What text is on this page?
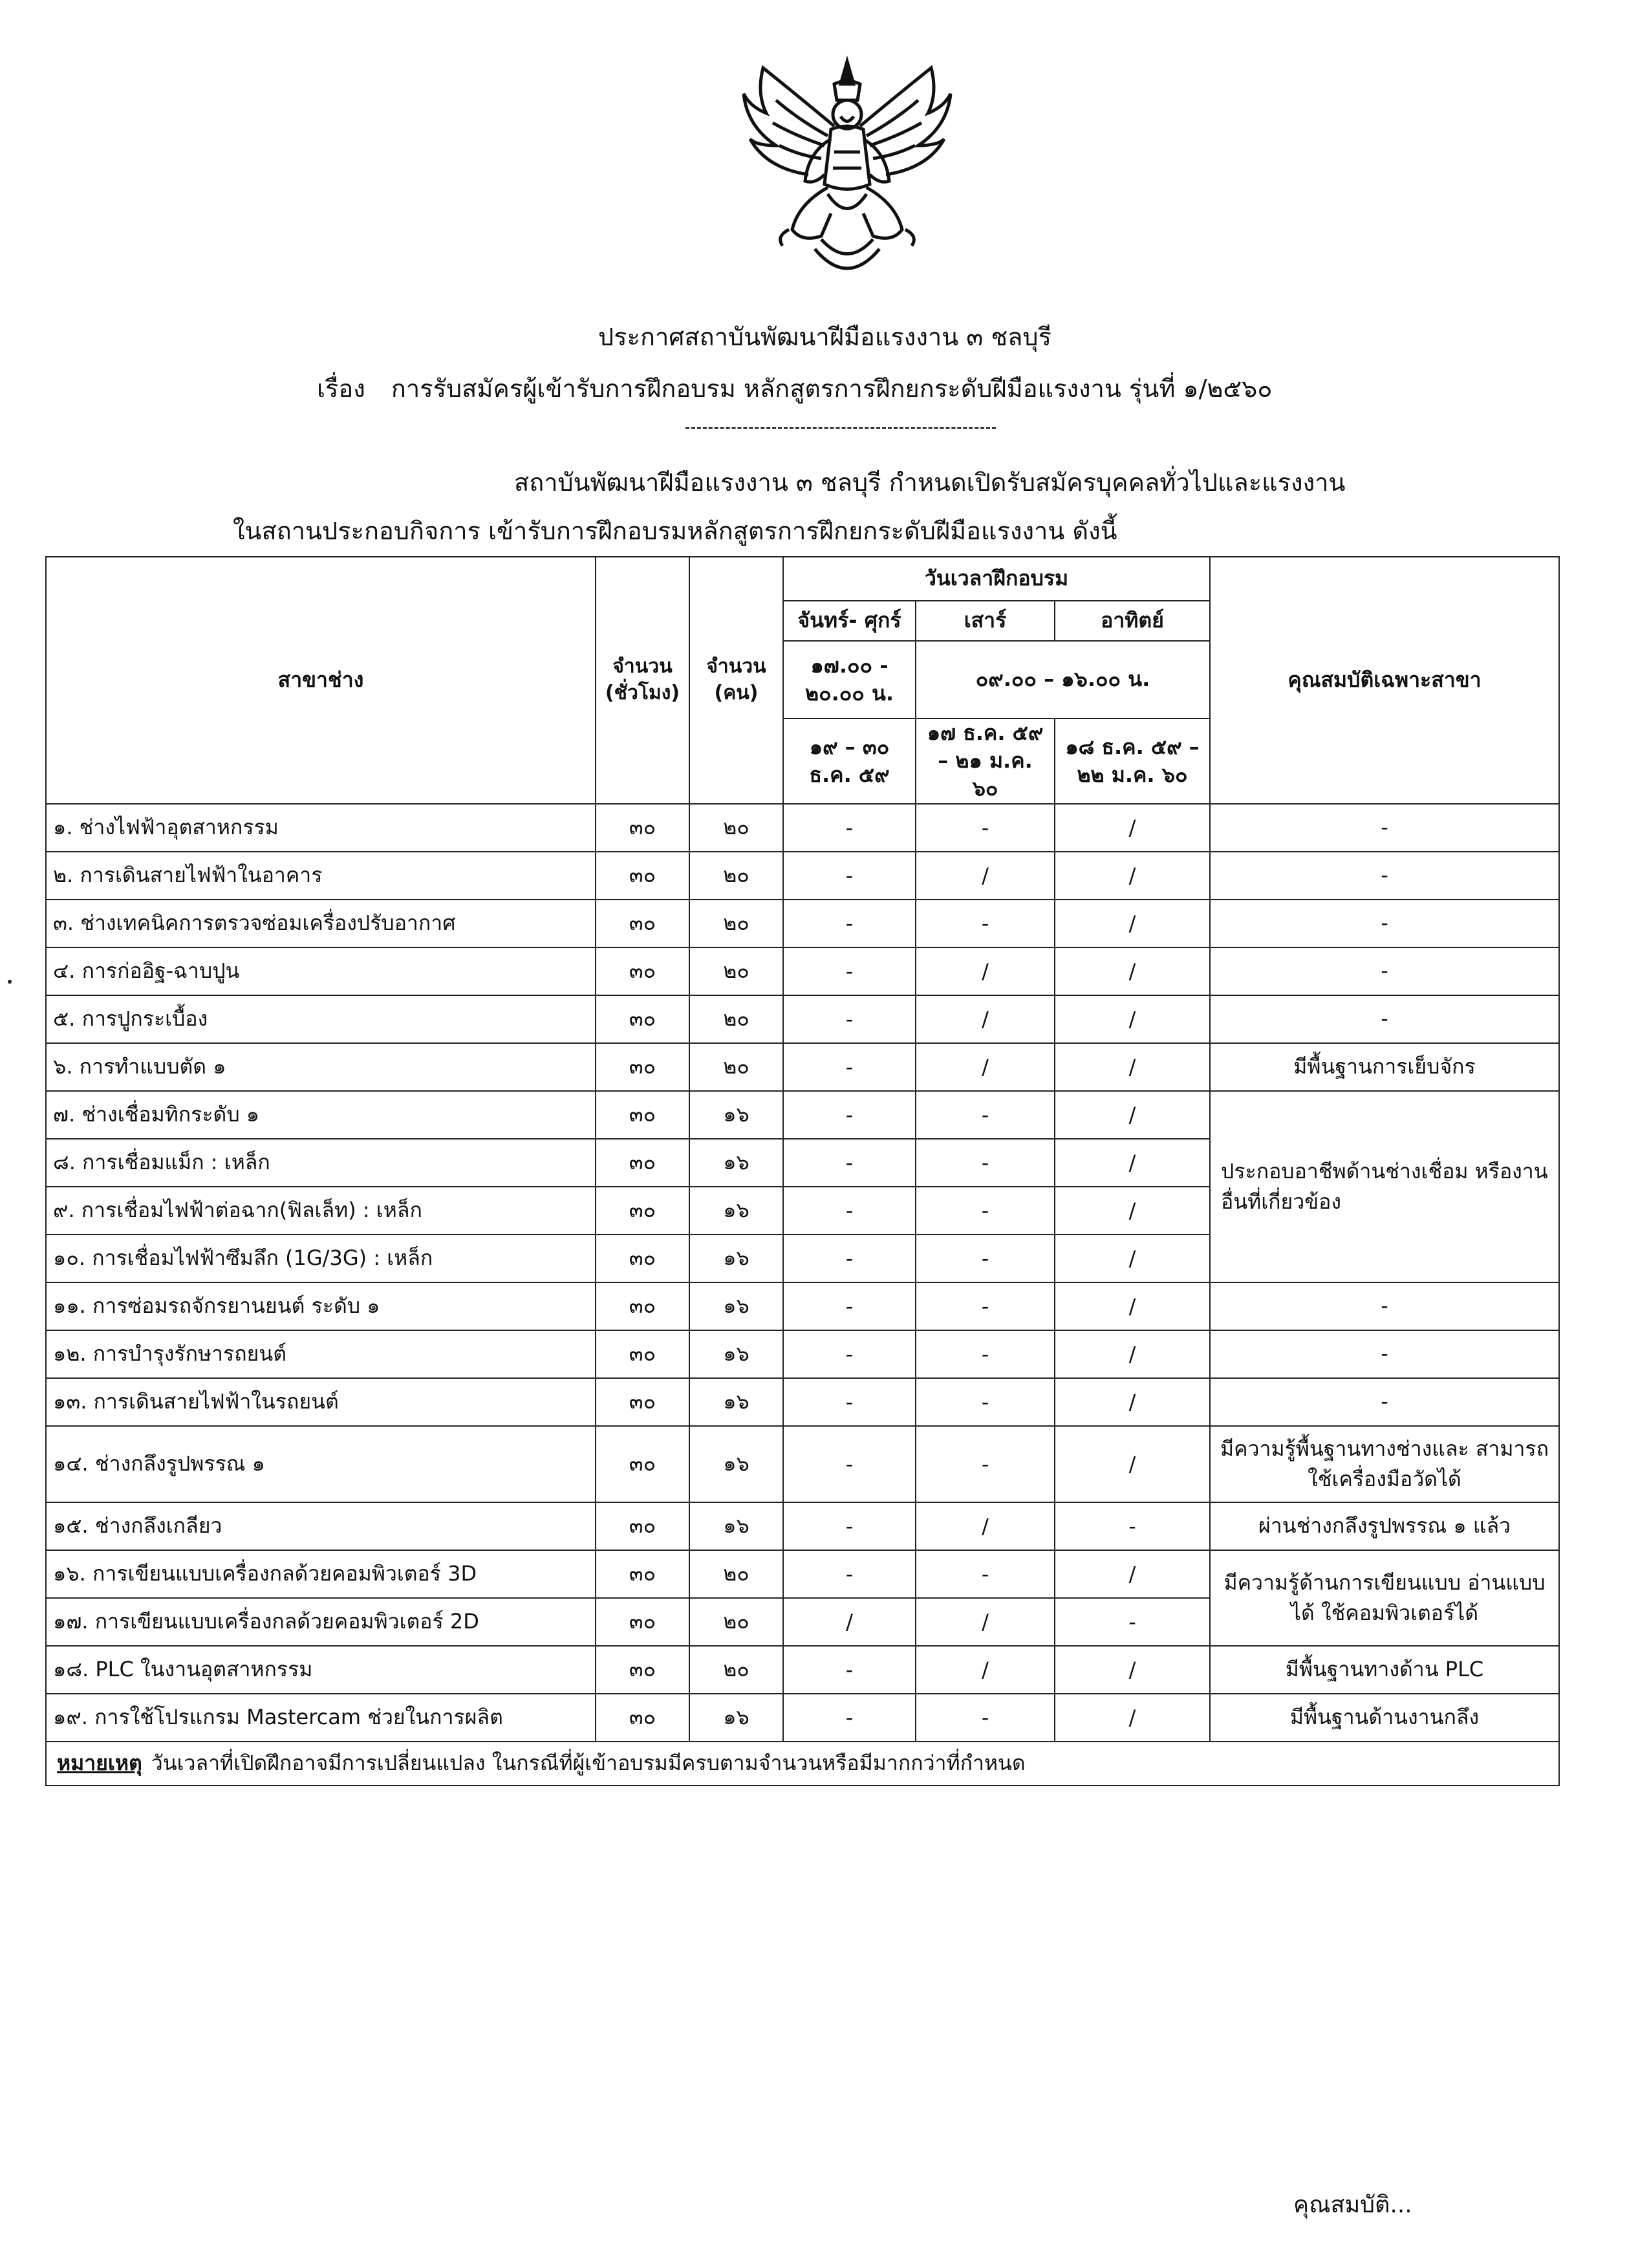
ประกาศสถาบันพัฒนาฝีมือแรงงาน ๓ ชลบุรี
เรื่อง การรับสมัครผู้เข้ารับการฝึกอบรม หลักสูตรการฝึกยกระดับฝีมือแรงงาน รุ่นที่ ๑/๒๕๖๐
สถาบันพัฒนาฝีมือแรงงาน ๓ ชลบุรี กำหนดเปิดรับสมัครบุคคลทั่วไปและแรงงาน
ในสถานประกอบกิจการ เข้ารับการฝึกอบรมหลักสูตรการฝึกยกระดับฝีมือแรงงาน ดังนี้
สาขาช่าง	จำนวน (ชั่วโมง)	จำนวน (คน)	วันเวลาฝึกอบรม			คุณสมบัติเฉพาะสาขา
			จันทร์- ศุกร์	เสาร์	อาทิตย์	
			๑๗.๐๐ - ๒๐.๐๐ น.	๐๙.๐๐ – ๑๖.๐๐ น.		
			๑๙ – ๓๐ ธ.ค. ๕๙	๑๗ ธ.ค. ๕๙ – ๒๑ ม.ค. ๖๐	๑๘ ธ.ค. ๕๙ – ๒๒ ม.ค. ๖๐	
๑. ช่างไฟฟ้าอุตสาหกรรม	๓๐	๒๐	-	-	/	-
๒. การเดินสายไฟฟ้าในอาคาร	๓๐	๒๐	-	/	/	-
๓. ช่างเทคนิคการตรวจซ่อมเครื่องปรับอากาศ	๓๐	๒๐	-	-	/	-
๔. การก่ออิฐ-ฉาบปูน	๓๐	๒๐	-	/	/	-
๕. การปูกระเบื้อง	๓๐	๒๐	-	/	/	-
๖. การทำแบบตัด ๑	๓๐	๒๐	-	/	/	มีพื้นฐานการเย็บจักร
๗. ช่างเชื่อมทิกระดับ ๑	๓๐	๑๖	-	-	/	ประกอบอาชีพด้านช่างเชื่อม หรืองานอื่นที่เกี่ยวข้อง
๘. การเชื่อมแม็ก : เหล็ก	๓๐	๑๖	-	-	/	
๙. การเชื่อมไฟฟ้าต่อฉาก(ฟิลเล็ท) : เหล็ก	๓๐	๑๖	-	-	/	
๑๐. การเชื่อมไฟฟ้าซึมลึก (1G/3G) : เหล็ก	๓๐	๑๖	-	-	/	
๑๑. การซ่อมรถจักรยานยนต์ ระดับ ๑	๓๐	๑๖	-	-	/	-
๑๒. การบำรุงรักษารถยนต์	๓๐	๑๖	-	-	/	-
๑๓. การเดินสายไฟฟ้าในรถยนต์	๓๐	๑๖	-	-	/	-
๑๔. ช่างกลึงรูปพรรณ ๑	๓๐	๑๖	-	-	/	มีความรู้พื้นฐานทางช่างและ สามารถใช้เครื่องมือวัดได้
๑๕. ช่างกลึงเกลียว	๓๐	๑๖	-	/	-	ผ่านช่างกลึงรูปพรรณ ๑ แล้ว
๑๖. การเขียนแบบเครื่องกลด้วยคอมพิวเตอร์ 3D	๓๐	๒๐	-	-	/	มีความรู้ด้านการเขียนแบบ อ่านแบบได้ ใช้คอมพิวเตอร์ได้
๑๗. การเขียนแบบเครื่องกลด้วยคอมพิวเตอร์ 2D	๓๐	๒๐	/	/	-	
๑๘. PLC ในงานอุตสาหกรรม	๓๐	๒๐	-	/	/	มีพื้นฐานทางด้าน PLC
๑๙. การใช้โปรแกรม Mastercam ช่วยในการผลิต	๓๐	๑๖	-	-	/	มีพื้นฐานด้านงานกลึง
หมายเหตุ วันเวลาที่เปิดฝึกอาจมีการเปลี่ยนแปลง ในกรณีที่ผู้เข้าอบรมมีครบตามจำนวนหรือมีมากกว่าที่กำหนด						
คุณสมบัติ...
